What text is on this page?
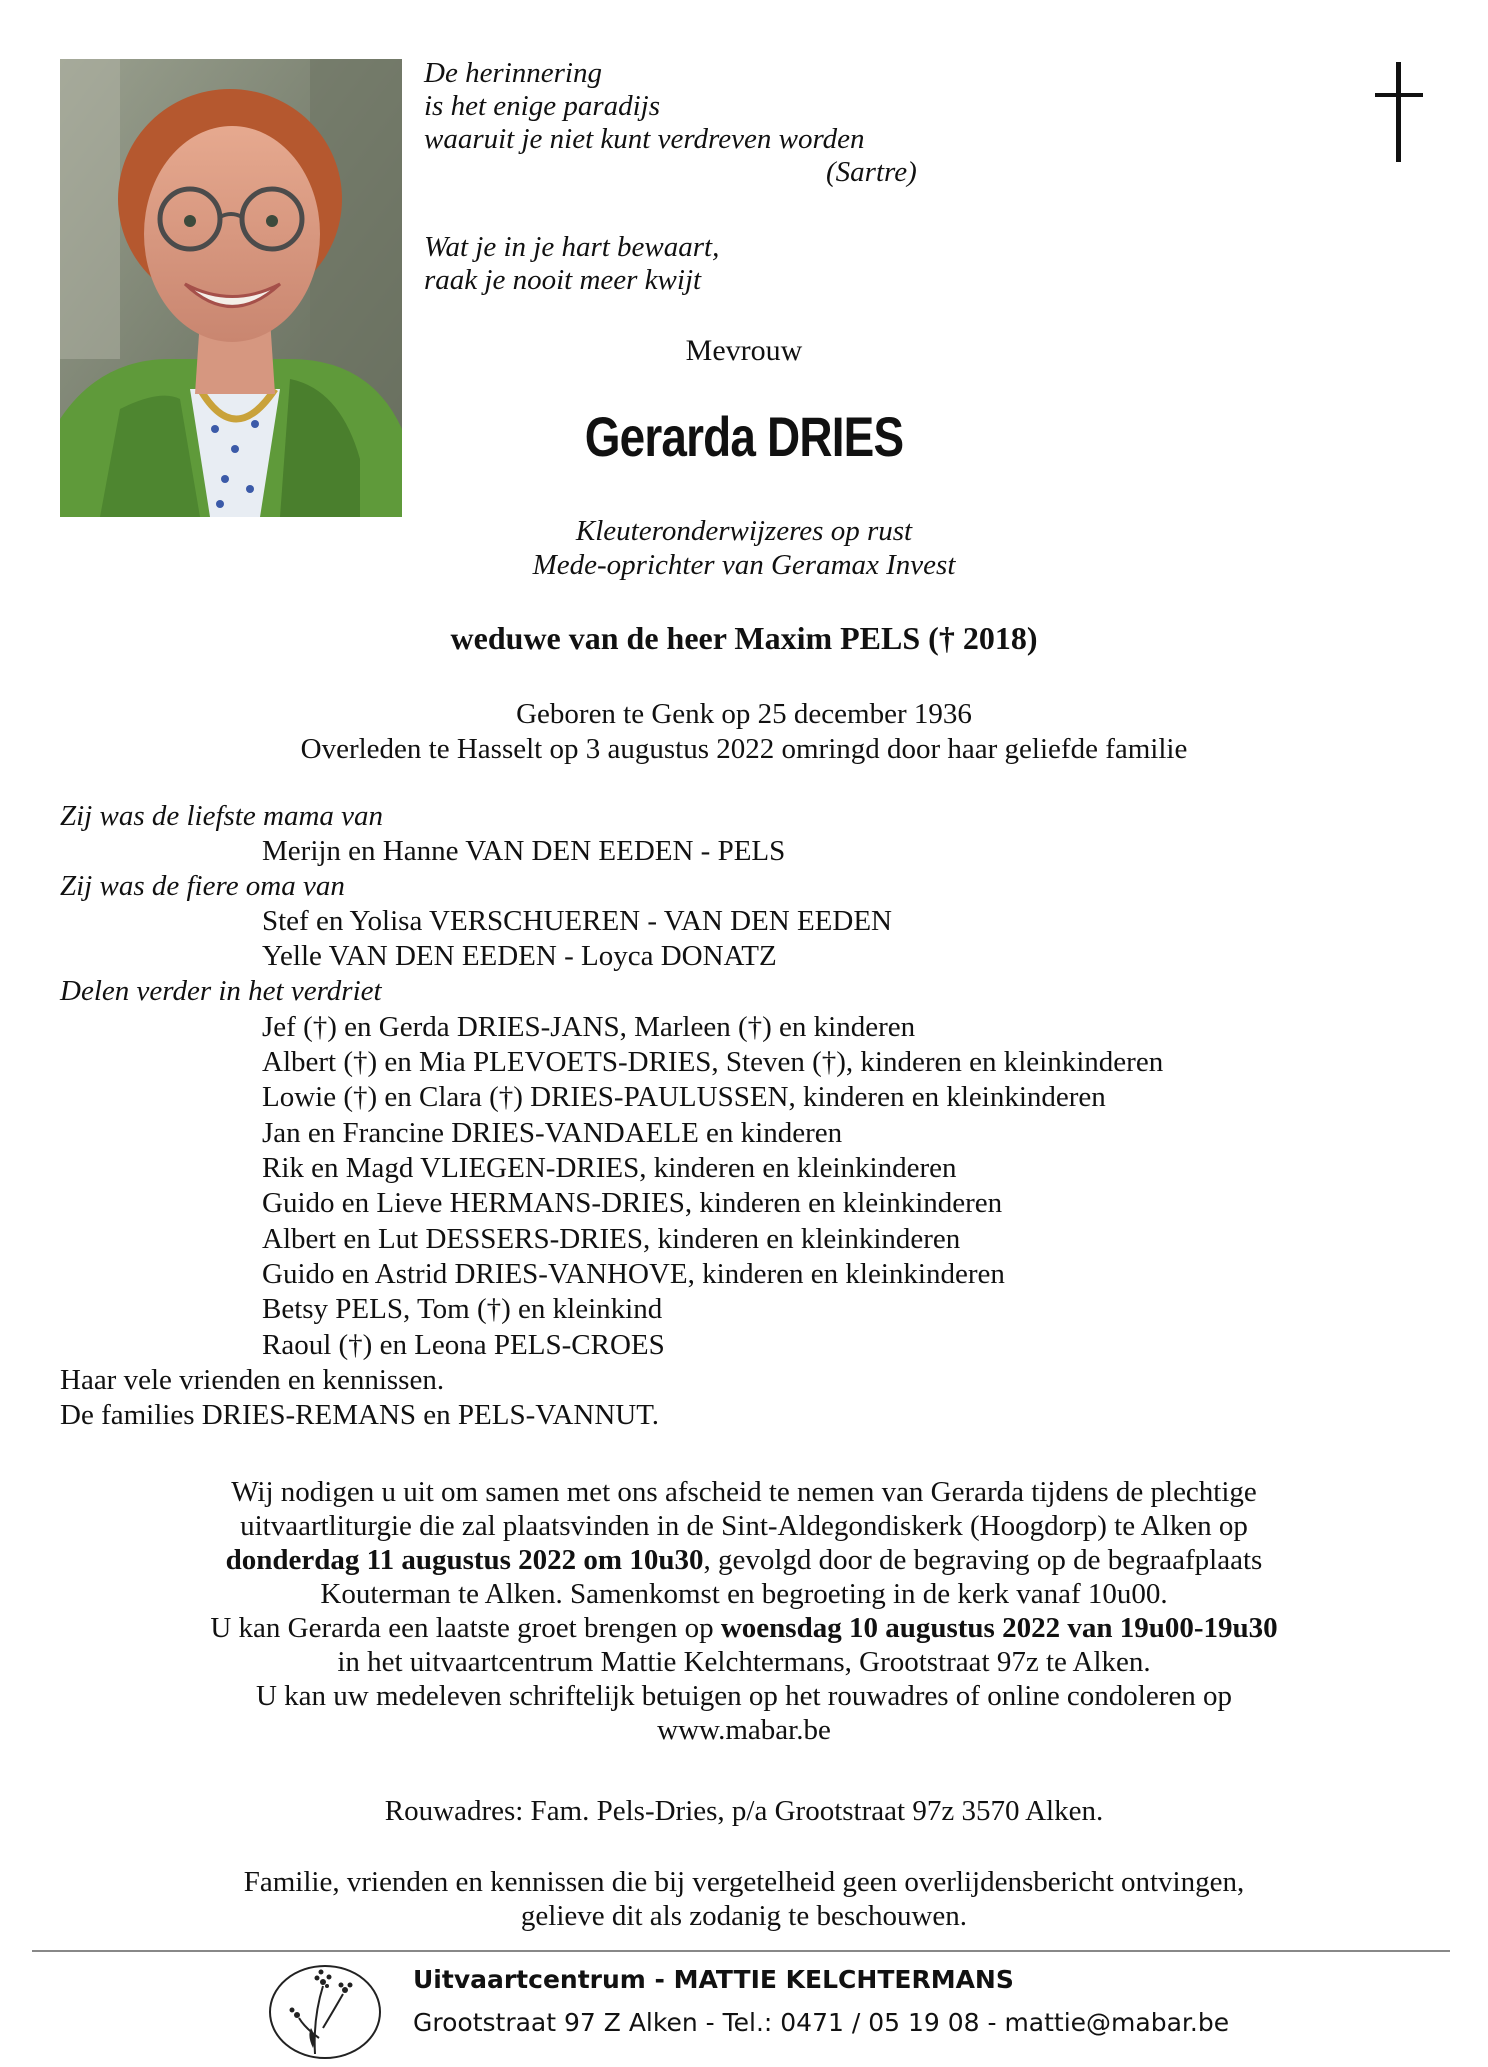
De herinnering
is het enige paradijs
waaruit je niet kunt verdreven worden
(Sartre)
Wat je in je hart bewaart,
raak je nooit meer kwijt
Mevrouw
Gerarda DRIES
Kleuteronderwijzeres op rust
Mede-oprichter van Geramax Invest
weduwe van de heer Maxim PELS († 2018)
Geboren te Genk op 25 december 1936
Overleden te Hasselt op 3 augustus 2022 omringd door haar geliefde familie
Zij was de liefste mama van
Merijn en Hanne VAN DEN EEDEN - PELS
Zij was de fiere oma van
Stef en Yolisa VERSCHUEREN - VAN DEN EEDEN
Yelle VAN DEN EEDEN - Loyca DONATZ
Delen verder in het verdriet
Jef (†) en Gerda DRIES-JANS, Marleen (†) en kinderen
Albert (†) en Mia PLEVOETS-DRIES, Steven (†), kinderen en kleinkinderen
Lowie (†) en Clara (†) DRIES-PAULUSSEN, kinderen en kleinkinderen
Jan en Francine DRIES-VANDAELE en kinderen
Rik en Magd VLIEGEN-DRIES, kinderen en kleinkinderen
Guido en Lieve HERMANS-DRIES, kinderen en kleinkinderen
Albert en Lut DESSERS-DRIES, kinderen en kleinkinderen
Guido en Astrid DRIES-VANHOVE, kinderen en kleinkinderen
Betsy PELS, Tom (†) en kleinkind
Raoul (†) en Leona PELS-CROES
Haar vele vrienden en kennissen.
De families DRIES-REMANS en PELS-VANNUT.
Wij nodigen u uit om samen met ons afscheid te nemen van Gerarda tijdens de plechtige
uitvaartliturgie die zal plaatsvinden in de Sint-Aldegondiskerk (Hoogdorp) te Alken op
donderdag 11 augustus 2022 om 10u30, gevolgd door de begraving op de begraafplaats
Kouterman te Alken. Samenkomst en begroeting in de kerk vanaf 10u00.
U kan Gerarda een laatste groet brengen op woensdag 10 augustus 2022 van 19u00-19u30
in het uitvaartcentrum Mattie Kelchtermans, Grootstraat 97z te Alken.
U kan uw medeleven schriftelijk betuigen op het rouwadres of online condoleren op
www.mabar.be
Rouwadres: Fam. Pels-Dries, p/a Grootstraat 97z 3570 Alken.
Familie, vrienden en kennissen die bij vergetelheid geen overlijdensbericht ontvingen,
gelieve dit als zodanig te beschouwen.
Uitvaartcentrum - MATTIE KELCHTERMANS
Grootstraat 97 Z Alken - Tel.: 0471 / 05 19 08 - mattie@mabar.be
